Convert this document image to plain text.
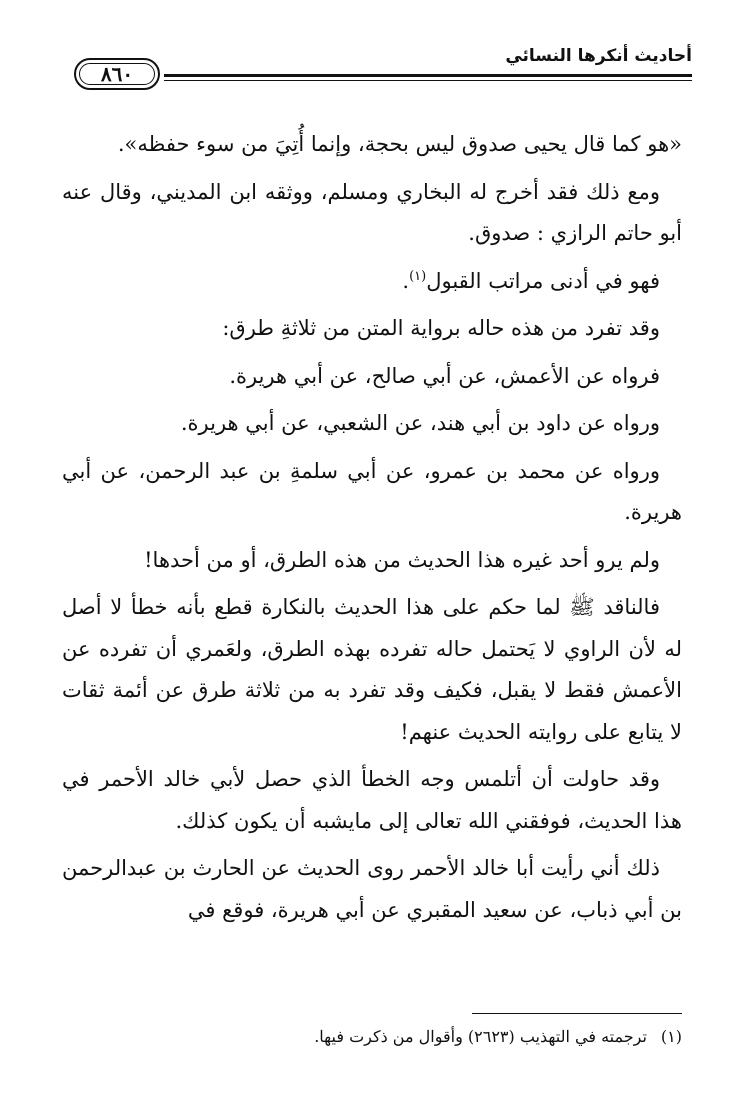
أحاديث أنكرها النسائي
٨٦٠

«هو كما قال يحيى صدوق ليس بحجة، وإنما أُتِيَ من سوء حفظه».

ومع ذلك فقد أخرج له البخاري ومسلم، ووثقه ابن المديني، وقال عنه أبو حاتم الرازي : صدوق.

فهو في أدنى مراتب القبول$^{(١)}$.

وقد تفرد من هذه حاله برواية المتن من ثلاثةِ طرق:

فرواه عن الأعمش، عن أبي صالح، عن أبي هريرة.

ورواه عن داود بن أبي هند، عن الشعبي، عن أبي هريرة.

ورواه عن محمد بن عمرو، عن أبي سلمةِ بن عبد الرحمن، عن أبي هريرة.

ولم يرو أحد غيره هذا الحديث من هذه الطرق، أو من أحدها!

فالناقد ﷺ لما حكم على هذا الحديث بالنكارة قطع بأنه خطأ لا أصل له لأن الراوي لا يَحتمل حاله تفرده بهذه الطرق، ولعَمري أن تفرده عن الأعمش فقط لا يقبل، فكيف وقد تفرد به من ثلاثة طرق عن أئمة ثقات لا يتابع على روايته الحديث عنهم!

وقد حاولت أن أتلمس وجه الخطأ الذي حصل لأبي خالد الأحمر في هذا الحديث، فوفقني الله تعالى إلى مايشبه أن يكون كذلك.

ذلك أني رأيت أبا خالد الأحمر روى الحديث عن الحارث بن عبدالرحمن بن أبي ذباب، عن سعيد المقبري عن أبي هريرة، فوقع في

(١)ترجمته في التهذيب (٢٦٢٣) وأقوال من ذكرت فيها.
